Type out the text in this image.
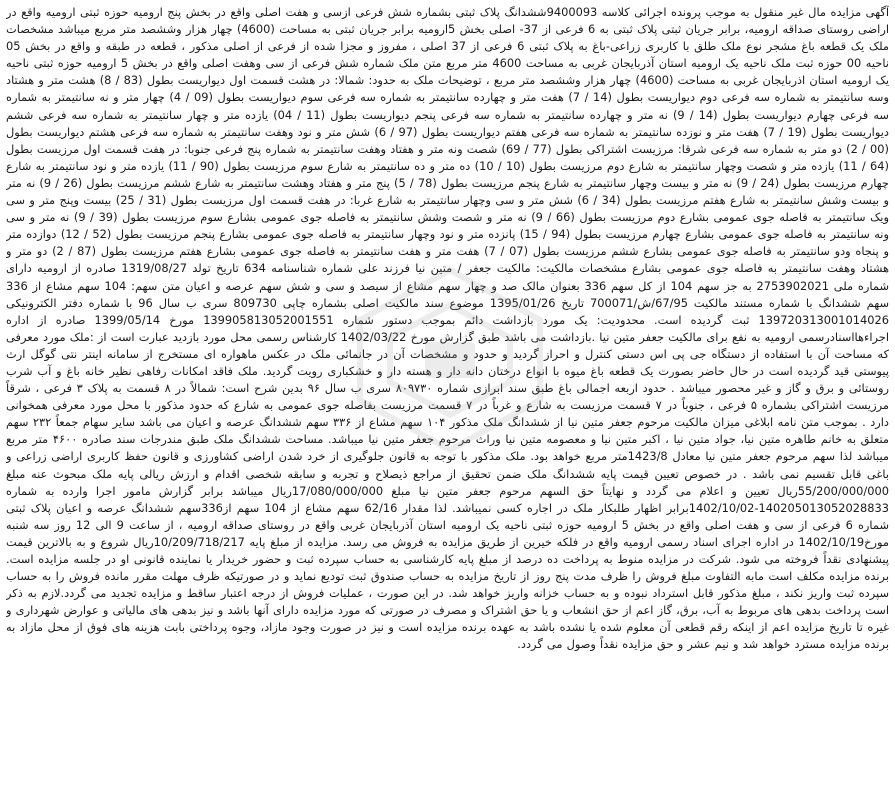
آگهی مزایده مال غیر منقول به موجب پرونده اجرائی کلاسه 9400093ششدانگ پلاک ثبتی بشماره شش فرعی ازسی و هفت اصلی واقع در بخش پنج ارومیه حوزه ثبتی ارومیه واقع در اراضی روستای صداقه ارومیه، برابر جریان ثبتی پلاک ثبتی به 6 فرعی از 37- اصلی بخش 5ارومیه برابر جریان ثبتی به مساحت (4600) چهار هزار وششصد متر مربع میباشد مشخصات ملک یک قطعه باغ مشجر نوع ملک طلق با کاربری زراعی-باغ به پلاک ثبتی 6 فرعی از 37 اصلی ، مفروز و مجزا شده از فرعی از اصلی مذکور ، قطعه در طبقه و واقع در بخش 05 ناحیه 00 حوزه ثبت ملک ناحیه یک ارومیه استان آذربایجان غربی به مساحت 4600 متر مربع متن ملک شماره شش فرعی از سی وهفت اصلی واقع در بخش 5 ارومیه حوزه ثبتی ناحیه یک ارومیه استان اذربایجان غربی به مساحت (4600) چهار هزار وششصد متر مربع ، توضیحات ملک به حدود: شمالا: در هشت قسمت اول دیواریست بطول (83 / 8) هشت متر و هشتاد وسه سانتیمتر به شماره سه فرعی دوم دیواریست بطول (14 / 7) هفت متر و چهارده سانتیمتر به شماره سه فرعی سوم دیواریست بطول (09 / 4) چهار متر و نه سانتیمتر به شماره سه فرعی چهارم دیواریست بطول (14 / 9) نه متر و چهارده سانتیمتر به شماره سه فرعی پنجم دیواریست بطول (11 / 04) یازده متر و چهار سانتیمتر به شماره سه فرعی ششم دیواریست بطول (19 / 7) هفت متر و نوزده سانتیمتر به شماره سه فرعی هفتم دیواریست بطول (97 / 6) شش متر و نود وهفت سانتیمتر به شماره سه فرعی هشتم دیواریست بطول (00 / 2) دو متر به شماره سه فرعی شرقا: مرزیست اشتراکی بطول (77 / 69) شصت ونه متر و هفتاد وهفت سانتیمتر به شماره پنج فرعی جنوبا: در هفت قسمت اول مرزیست بطول (64 / 11) یازده متر و شصت وچهار سانتیمتر به شارع دوم مرزیست بطول (10 / 10) ده متر و ده سانتیمتر به شارع سوم مرزیست بطول (90 / 11) یازده متر و نود سانتیمتر به شارع چهارم مرزیست بطول (24 / 9) نه متر و بیست وچهار سانتیمتر به شارع پنجم مرزیست بطول (78 / 5) پنج متر و هفتاد وهشت سانتیمتر به شارع ششم مرزیست بطول (26 / 9) نه متر و بیست وشش سانتیمتر به شارع هفتم مرزیست بطول (34 / 6) شش متر و سی وچهار سانتیمتر به شارع غربا: در هفت قسمت اول مرزیست بطول (31 / 25) بیست وپنج متر و سی ویک سانتیمتر به فاصله جوی عمومی بشارع دوم مرزیست بطول (66 / 9) نه متر و شصت وشش سانتیمتر به فاصله جوی عمومی بشارع سوم مرزیست بطول (39 / 9) نه متر و سی ونه سانتیمتر به فاصله جوی عمومی بشارع چهارم مرزیست بطول (94 / 15) پانزده متر و نود وچهار سانتیمتر به فاصله جوی عمومی بشارع پنجم مرزیست بطول (52 / 12) دوازده متر و پنجاه ودو سانتیمتر به فاصله جوی عمومی بشارع ششم مرزیست بطول (07 / 7) هفت متر و هفت سانتیمتر به فاصله جوی عمومی بشارع هفتم مرزیست بطول (87 / 2) دو متر و هشتاد وهفت سانتیمتر به فاصله جوی عمومی بشارع مشخصات مالکیت: مالکیت جعفر / متین نیا فرزند علی شماره شناسنامه 634 تاریخ تولد 1319/08/27 صادره از ارومیه دارای شماره ملی 2753902021 به جز سهم 104 از کل سهم 336 بعنوان مالک صد و چهار سهم مشاع از سیصد و سی و شش سهم عرصه و اعیان متن سهم: 104 سهم مشاع از 336 سهم ششدانگ با شماره مستند مالکیت 67/95/ش/700071 تاریخ 1395/01/26 موضوع سند مالکیت اصلی بشماره چاپی 809730 سری ب سال 96 با شماره دفتر الکترونیکی 139720313001014026 ثبت گردیده است. محدودیت: یک مورد بازداشت دائم بموجب دستور شماره 139905813052001551 مورخ 1399/05/14 صادره از اداره اجراءهااسنادرسمی ارومیه به نفع برای مالکیت جعفر متین نیا .بازداشت می باشد طبق گزارش مورخ 1402/03/22 کارشناس رسمی محل مورد بازدید عبارت است از :ملک مورد معرفی که مساحت آن با استفاده از دستگاه جی پی اس دستی کنترل و احراز گردید و حدود و مشخصات آن در جانمائی ملک در عکس ماهواره ای مستخرج از سامانه اینتر نتی گوگل ارث پیوستی قید گردیده است در حال حاضر بصورت یک قطعه باغ میوه با انواع درختان دانه دار و هسته دار و خشکباری رویت گردید. ملک فاقد امکانات رفاهی نظیر خانه باغ و آب شرب روستائی و برق و گاز و غیر محصور میباشد . حدود اربعه اجمالی باغ طبق سند ابرازی شماره ۸۰۹۷۳۰ سری ب سال ۹۶ بدین شرح است: شمالاً در ۸ قسمت به پلاک ۳ فرعی ، شرقاً مرزیست اشتراکی بشماره ۵ فرعی ، جنوباً در ۷ قسمت مرزیست به شارع و غرباً در ۷ قسمت مرزیست بفاصله جوی عمومی به شارع که حدود مذکور با محل مورد معرفی همخوانی دارد . بموجب متن نامه ابلاغی میزان مالکیت مرحوم جعفر متین نیا از ششدانگ ملک مذکور ۱۰۴ سهم مشاع از ۳۳۶ سهم ششدانگ عرصه و اعیان می باشد سایر سهام جمعاً ۲۳۲ سهم متعلق به خانم طاهره متین نیا، جواد متین نیا ، اکبر متین نیا و معصومه متین نیا وراث مرحوم جعفر متین نیا میباشد. مساحت ششدانگ ملک طبق مندرجات سند صادره ۴۶۰۰ متر مربع میباشد لذا سهم مرحوم جعفر متین نیا معادل 1423/8متر مربع خواهد بود. ملک مذکور با توجه به قانون جلوگیری از خرد شدن اراضی کشاورزی و قانون حفظ کاربری اراضی زراعی و باغی قابل تقسیم نمی باشد . در خصوص تعیین قیمت پایه ششدانگ ملک ضمن تحقیق از مراجع ذیصلاح و تجربه و سابقه شخصی اقدام و ارزش ریالی پایه ملک مبحوث عنه مبلغ 55/200/000/000ریال تعیین و اعلام می گردد و نهایتاً حق السهم مرحوم جعفر متین نیا مبلغ 17/080/000/000ریال میباشد برابر گزارش مامور اجرا وارده به شماره 140205013052028833-1402/10/02برابر اظهار طلبکار ملک در اجاره کسی نمیباشد. لذا مقدار 62/16 سهم مشاع از 104 سهم از336سهم ششدانگ عرصه و اعیان پلاک ثبتی شماره 6 فرعی از سی و هفت اصلی واقع در بخش 5 ارومیه حوزه ثبتی ناحیه یک ارومیه استان آذربایجان غربی واقع در روستای صداقه ارومیه ، از ساعت 9 الی 12 روز سه شنبه مورخ1402/10/19 در اداره اجرای اسناد رسمی ارومیه واقع در فلکه خیرین از طریق مزایده به فروش می رسد. مزایده از مبلغ پایه 10/209/718/217ریال شروع و به بالاترین قیمت پیشنهادی نقداً فروخته می شود. شرکت در مزایده منوط به پرداخت ده درصد از مبلغ پایه کارشناسی به حساب سپرده ثبت و حضور خریدار یا نماینده قانونی او در جلسه مزایده است. برنده مزایده مکلف است مابه التفاوت مبلغ فروش را ظرف مدت پنج روز از تاریخ مزایده به حساب صندوق ثبت تودیع نماید و در صورتیکه ظرف مهلت مقرر مانده فروش را به حساب سپرده ثبت واریز نکند ، مبلغ مذکور قابل استرداد نبوده و به حساب خزانه واریز خواهد شد. در این صورت ، عملیات فروش از درجه اعتبار ساقط و مزایده تجدید می گردد.لازم به ذکر است پرداخت بدهی های مربوط به آب، برق، گاز اعم از حق انشعاب و یا حق اشتراک و مصرف در صورتی که مورد مزایده دارای آنها باشد و نیز بدهی های مالیاتی و عوارض شهرداری و غیره تا تاریخ مزایده اعم از اینکه رقم قطعی آن معلوم شده یا نشده باشد به عهده برنده مزایده است و نیز در صورت وجود مازاد، وجوه پرداختی بابت هزینه های فوق از محل مازاد به برنده مزایده مسترد خواهد شد و نیم عشر و حق مزایده نقداً وصول می گردد.
